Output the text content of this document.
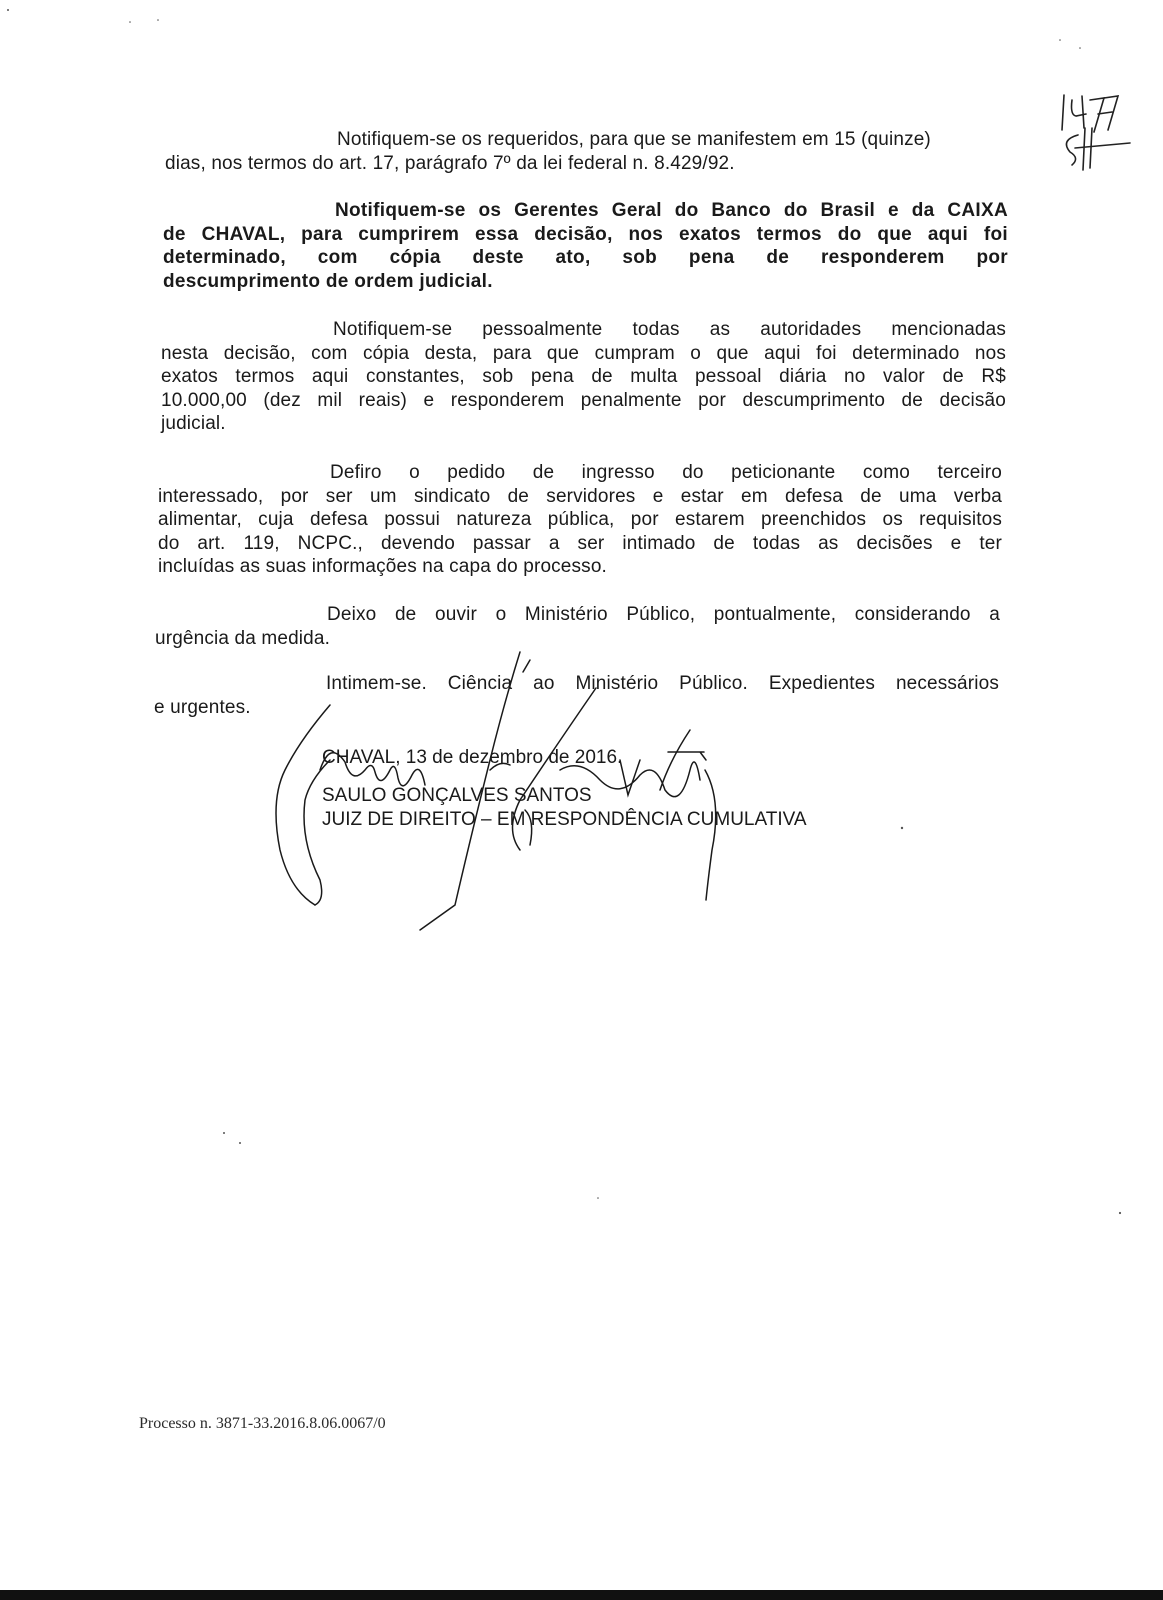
Notifiquem-se os requeridos, para que se manifestem em 15 (quinze)
dias, nos termos do art. 17, parágrafo 7º da lei federal n. 8.429/92.
Notifiquem-se os Gerentes Geral do Banco do Brasil e da CAIXA
de CHAVAL, para cumprirem essa decisão, nos exatos termos do que aqui foi
determinado, com cópia deste ato, sob pena de responderem por
descumprimento de ordem judicial.
Notifiquem-se pessoalmente todas as autoridades mencionadas
nesta decisão, com cópia desta, para que cumpram o que aqui foi determinado nos
exatos termos aqui constantes, sob pena de multa pessoal diária no valor de R$
10.000,00 (dez mil reais) e responderem penalmente por descumprimento de decisão
judicial.
Defiro o pedido de ingresso do peticionante como terceiro
interessado, por ser um sindicato de servidores e estar em defesa de uma verba
alimentar, cuja defesa possui natureza pública, por estarem preenchidos os requisitos
do art. 119, NCPC., devendo passar a ser intimado de todas as decisões e ter
incluídas as suas informações na capa do processo.
Deixo de ouvir o Ministério Público, pontualmente, considerando a
urgência da medida.
Intimem-se. Ciência ao Ministério Público. Expedientes necessários
e urgentes.
CHAVAL, 13 de dezembro de 2016.
SAULO GONÇALVES SANTOS
JUIZ DE DIREITO – EM RESPONDÊNCIA CUMULATIVA
Processo n. 3871-33.2016.8.06.0067/0
